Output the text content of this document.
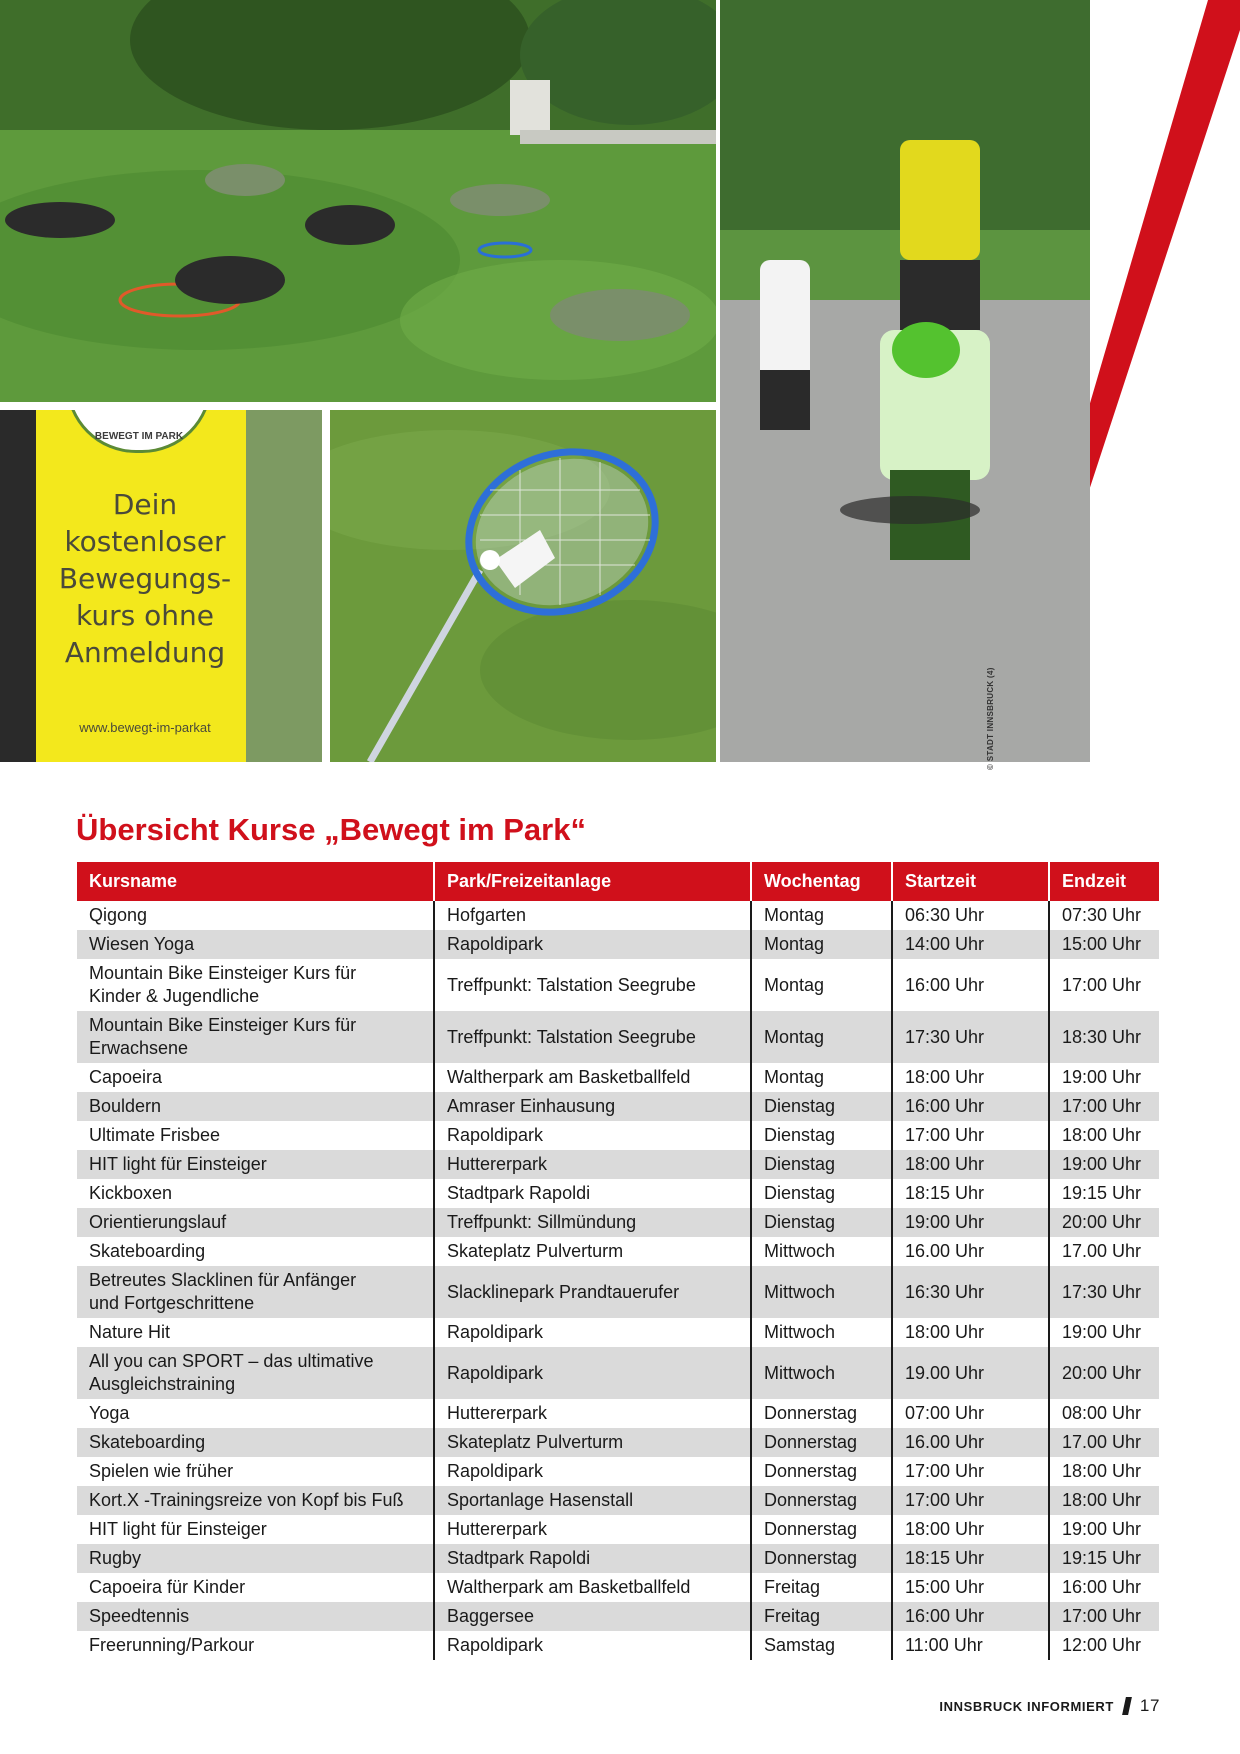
BEWEGT IM PARK
Dein
kostenloser
Bewegungs-
kurs ohne
Anmeldung
www.bewegt-im-parkat	© STADT INNSBRUCK (4)
Übersicht Kurse „Bewegt im Park“
Kursname	Park/Freizeitanlage	Wochentag	Startzeit	Endzeit
Qigong	Hofgarten	Montag	06:30 Uhr	07:30 Uhr
Wiesen Yoga	Rapoldipark	Montag	14:00 Uhr	15:00 Uhr
Mountain Bike Einsteiger Kurs für
Kinder & Jugendliche	Treffpunkt: Talstation Seegrube	Montag	16:00 Uhr	17:00 Uhr
Mountain Bike Einsteiger Kurs für
Erwachsene	Treffpunkt: Talstation Seegrube	Montag	17:30 Uhr	18:30 Uhr
Capoeira	Waltherpark am Basketballfeld	Montag	18:00 Uhr	19:00 Uhr
Bouldern	Amraser Einhausung	Dienstag	16:00 Uhr	17:00 Uhr
Ultimate Frisbee	Rapoldipark	Dienstag	17:00 Uhr	18:00 Uhr
HIT light für Einsteiger	Huttererpark	Dienstag	18:00 Uhr	19:00 Uhr
Kickboxen	Stadtpark Rapoldi	Dienstag	18:15 Uhr	19:15 Uhr
Orientierungslauf	Treffpunkt: Sillmündung	Dienstag	19:00 Uhr	20:00 Uhr
Skateboarding	Skateplatz Pulverturm	Mittwoch	16.00 Uhr	17.00 Uhr
Betreutes Slacklinen für Anfänger
und Fortgeschrittene	Slacklinepark Prandtauerufer	Mittwoch	16:30 Uhr	17:30 Uhr
Nature Hit	Rapoldipark	Mittwoch	18:00 Uhr	19:00 Uhr
All you can SPORT – das ultimative
Ausgleichstraining	Rapoldipark	Mittwoch	19.00 Uhr	20:00 Uhr
Yoga	Huttererpark	Donnerstag	07:00 Uhr	08:00 Uhr
Skateboarding	Skateplatz Pulverturm	Donnerstag	16.00 Uhr	17.00 Uhr
Spielen wie früher	Rapoldipark	Donnerstag	17:00 Uhr	18:00 Uhr
Kort.X -Trainingsreize von Kopf bis Fuß	Sportanlage Hasenstall	Donnerstag	17:00 Uhr	18:00 Uhr
HIT light für Einsteiger	Huttererpark	Donnerstag	18:00 Uhr	19:00 Uhr
Rugby	Stadtpark Rapoldi	Donnerstag	18:15 Uhr	19:15 Uhr
Capoeira für Kinder	Waltherpark am Basketballfeld	Freitag	15:00 Uhr	16:00 Uhr
Speedtennis	Baggersee	Freitag	16:00 Uhr	17:00 Uhr
Freerunning/Parkour	Rapoldipark	Samstag	11:00 Uhr	12:00 Uhr
INNSBRUCK INFORMIERT 17
